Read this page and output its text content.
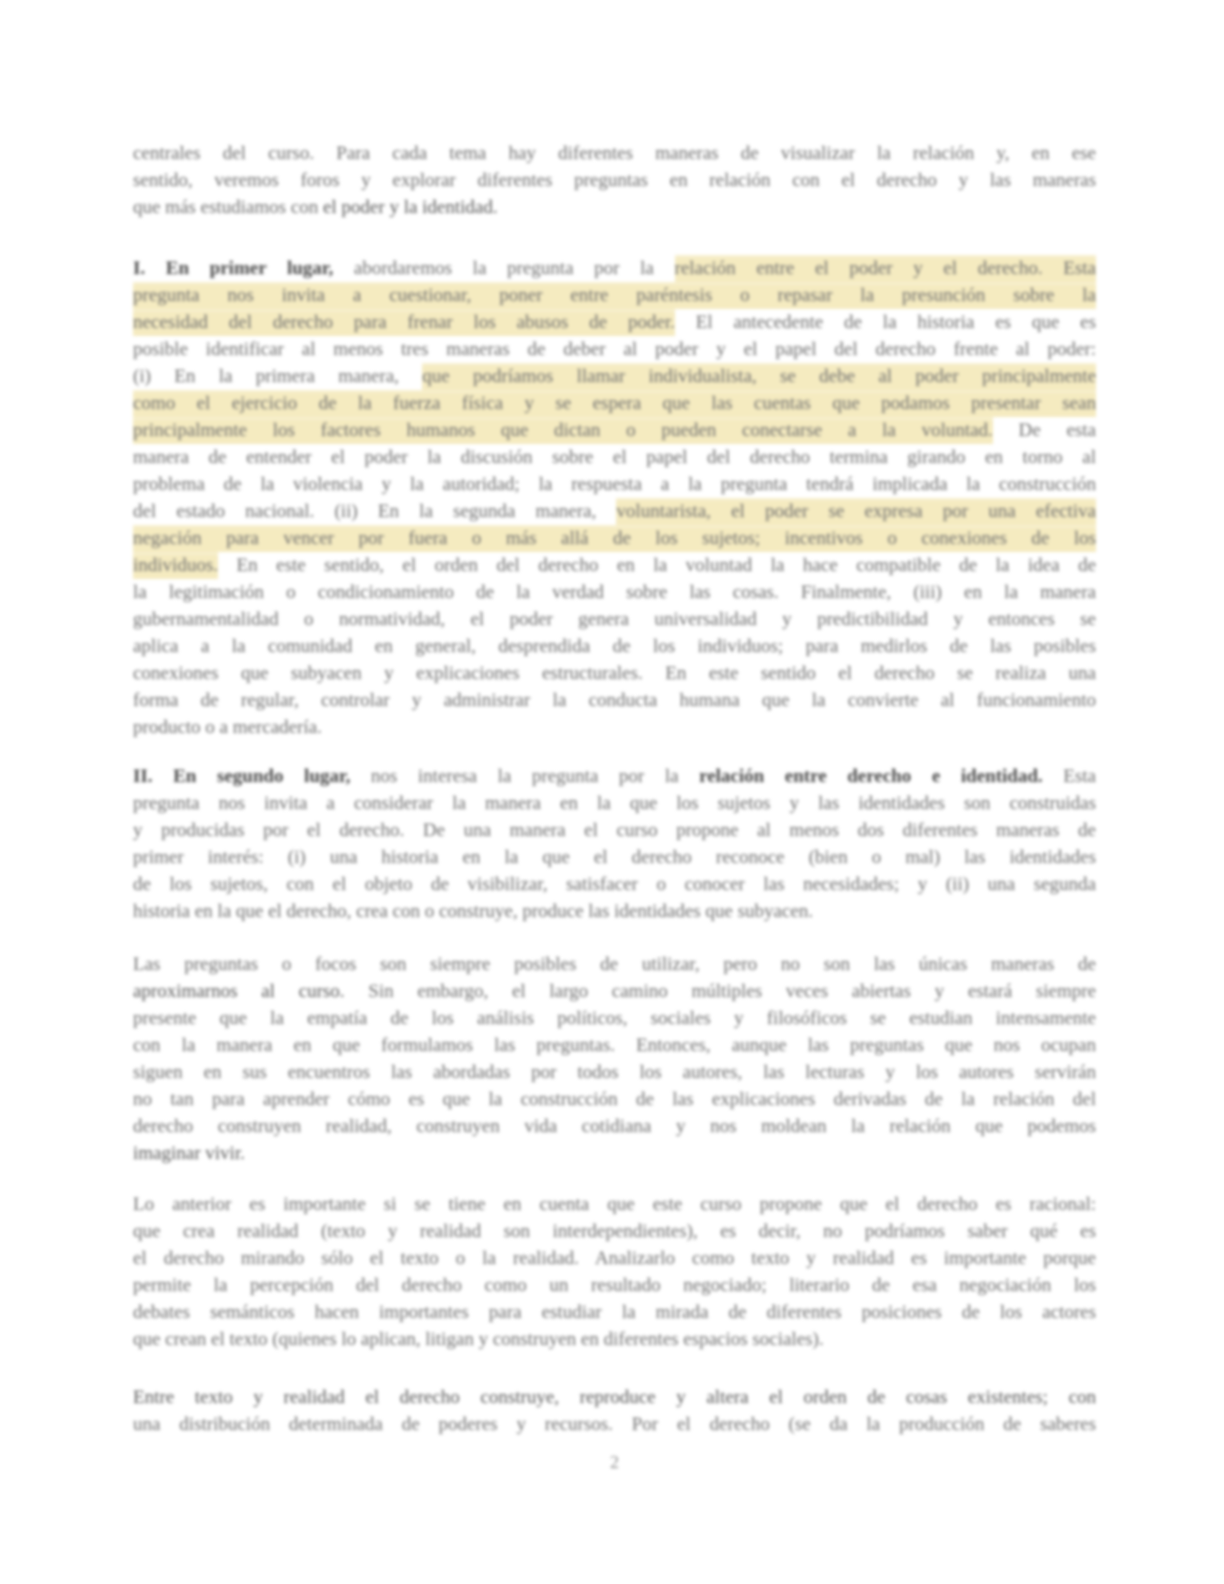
centrales del curso. Para cada tema hay diferentes maneras de visualizar la relación y, en ese
sentido, veremos foros y explorar diferentes preguntas en relación con el derecho y las maneras
que más estudiamos con el poder y la identidad.
I. En primer lugar, abordaremos la pregunta por la relación entre el poder y el derecho. Esta
pregunta nos invita a cuestionar, poner entre paréntesis o repasar la presunción sobre la
necesidad del derecho para frenar los abusos de poder. El antecedente de la historia es que es
posible identificar al menos tres maneras de deber al poder y el papel del derecho frente al poder:
(i) En la primera manera, que podríamos llamar individualista, se debe al poder principalmente
como el ejercicio de la fuerza física y se espera que las cuentas que podamos presentar sean
principalmente los factores humanos que dictan o pueden conectarse a la voluntad. De esta
manera de entender el poder la discusión sobre el papel del derecho termina girando en torno al
problema de la violencia y la autoridad; la respuesta a la pregunta tendrá implicada la construcción
del estado nacional. (ii) En la segunda manera, voluntarista, el poder se expresa por una efectiva
negación para vencer por fuera o más allá de los sujetos; incentivos o conexiones de los
individuos. En este sentido, el orden del derecho en la voluntad la hace compatible de la idea de
la legitimación o condicionamiento de la verdad sobre las cosas. Finalmente, (iii) en la manera
gubernamentalidad o normatividad, el poder genera universalidad y predictibilidad y entonces se
aplica a la comunidad en general, desprendida de los individuos; para medirlos de las posibles
conexiones que subyacen y explicaciones estructurales. En este sentido el derecho se realiza una
forma de regular, controlar y administrar la conducta humana que la convierte al funcionamiento
producto o a mercadería.
II. En segundo lugar, nos interesa la pregunta por la relación entre derecho e identidad. Esta
pregunta nos invita a considerar la manera en la que los sujetos y las identidades son construidas
y producidas por el derecho. De una manera el curso propone al menos dos diferentes maneras de
primer interés: (i) una historia en la que el derecho reconoce (bien o mal) las identidades
de los sujetos, con el objeto de visibilizar, satisfacer o conocer las necesidades; y (ii) una segunda
historia en la que el derecho, crea con o construye, produce las identidades que subyacen.
Las preguntas o focos son siempre posibles de utilizar, pero no son las únicas maneras de
aproximarnos al curso. Sin embargo, el largo camino múltiples veces abiertas y estará siempre
presente que la empatía de los análisis políticos, sociales y filosóficos se estudian intensamente
con la manera en que formulamos las preguntas. Entonces, aunque las preguntas que nos ocupan
siguen en sus encuentros las abordadas por todos los autores, las lecturas y los autores servirán
no tan para aprender cómo es que la construcción de las explicaciones derivadas de la relación del
derecho construyen realidad, construyen vida cotidiana y nos moldean la relación que podemos
imaginar vivir.
Lo anterior es importante si se tiene en cuenta que este curso propone que el derecho es racional:
que crea realidad (texto y realidad son interdependientes), es decir, no podríamos saber qué es
el derecho mirando sólo el texto o la realidad. Analizarlo como texto y realidad es importante porque
permite la percepción del derecho como un resultado negociado; literario de esa negociación los
debates semánticos hacen importantes para estudiar la mirada de diferentes posiciones de los actores
que crean el texto (quienes lo aplican, litigan y construyen en diferentes espacios sociales).
Entre texto y realidad el derecho construye, reproduce y altera el orden de cosas existentes; con
una distribución determinada de poderes y recursos. Por el derecho (se da la producción de saberes
2
